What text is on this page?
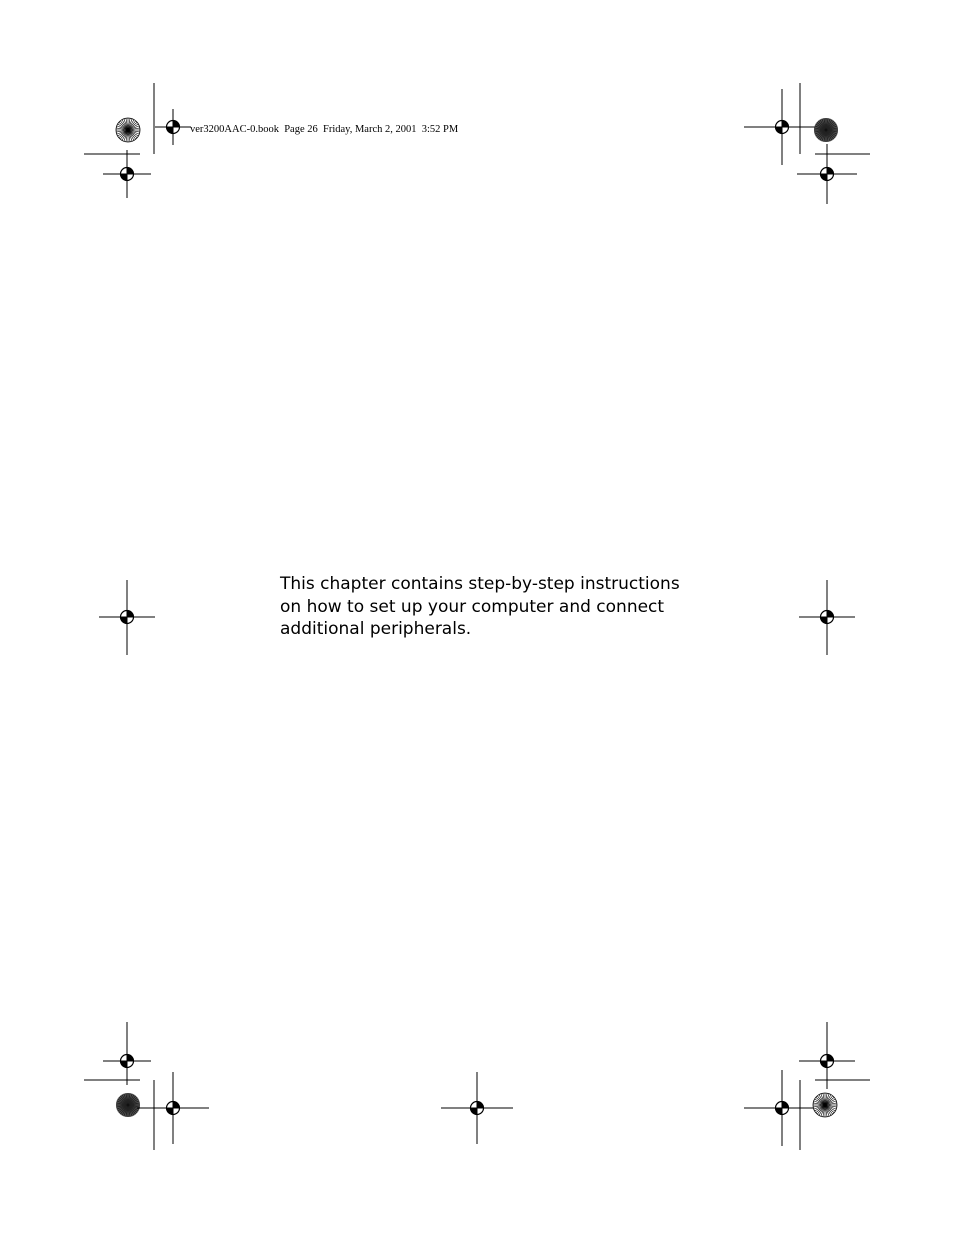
ver3200AAC-0.book  Page 26  Friday, March 2, 2001  3:52 PM

This chapter contains step-by-step instructions on how to set up your computer and connect additional peripherals.
